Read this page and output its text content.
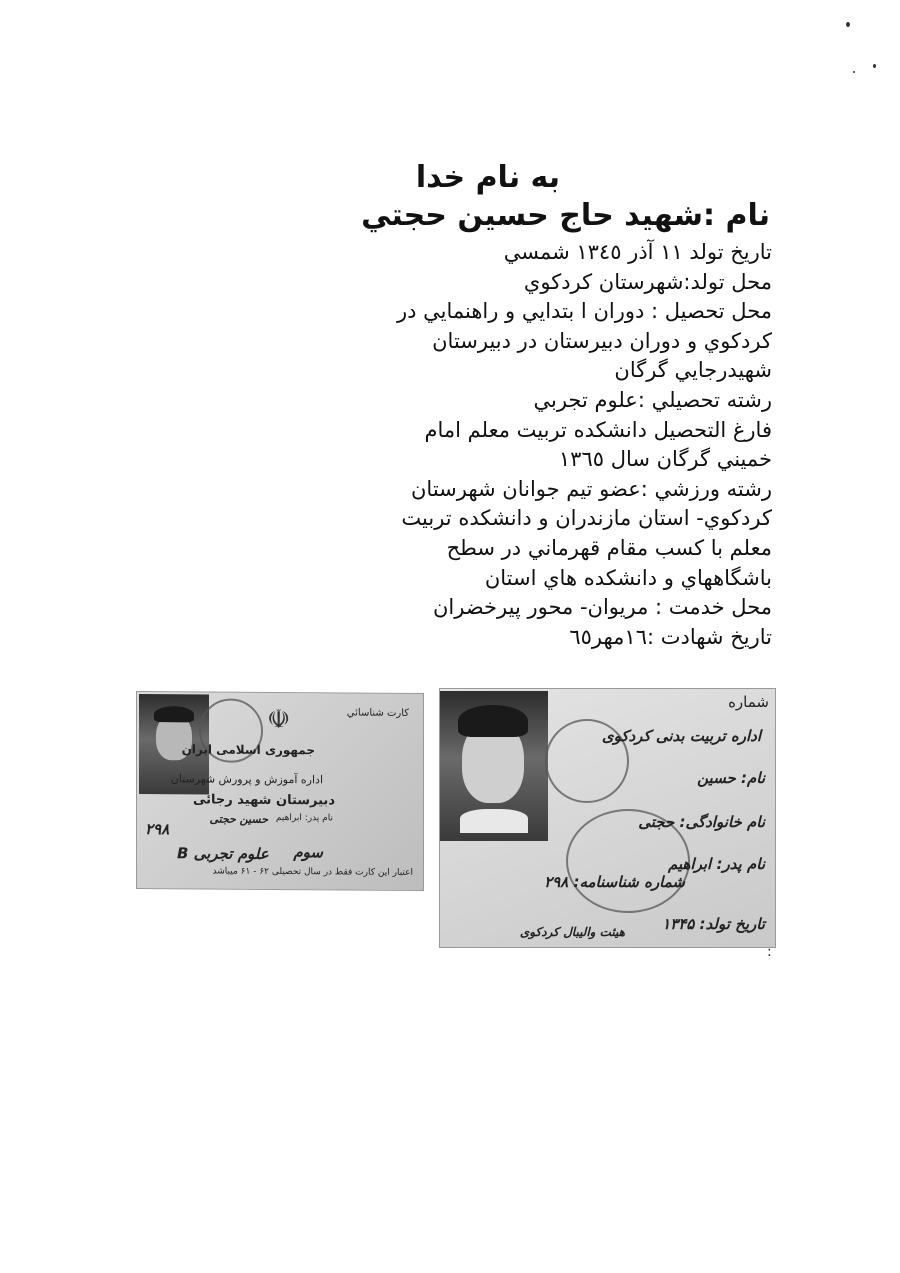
به نام خدا
نام :شهيد حاج حسين حجتي
تاريخ تولد ١١ آذر ١٣٤٥ شمسي
محل تولد:شهرستان كردكوي
محل تحصيل : دوران ا بتدايي و راهنمايي در
كردكوي و دوران دبيرستان در دبيرستان
شهيدرجايي گرگان
رشته تحصيلي :علوم تجربي
فارغ التحصيل دانشكده تربيت معلم امام
خميني گرگان سال ١٣٦٥
رشته ورزشي :عضو تيم جوانان شهرستان
كردكوي- استان مازندران و دانشكده تربيت
معلم با كسب مقام قهرماني در سطح
باشگاههاي و دانشكده هاي استان
محل خدمت : مريوان- محور پيرخضران
تاريخ شهادت :١٦مهر٦٥
☫	كارت شناسائي
جمهوری اسلامی ایران
اداره آموزش و پرورش شهرستان
دبیرستان شهید رجائی
حسین حجتی نام پدر: ابراهیم
۲۹۸
سوم
علوم تجربی B
اعتبار این کارت فقط در سال تحصیلی ۶۲ - ۶۱ میباشد
شماره
اداره تربیت بدنی کردکوی
نام: حسین
نام خانوادگی: حجتی
نام پدر: ابراهیم
شماره شناسنامه: ۲۹۸
تاریخ تولد: ۱۳۴۵
هیئت والیبال کردکوی
:
